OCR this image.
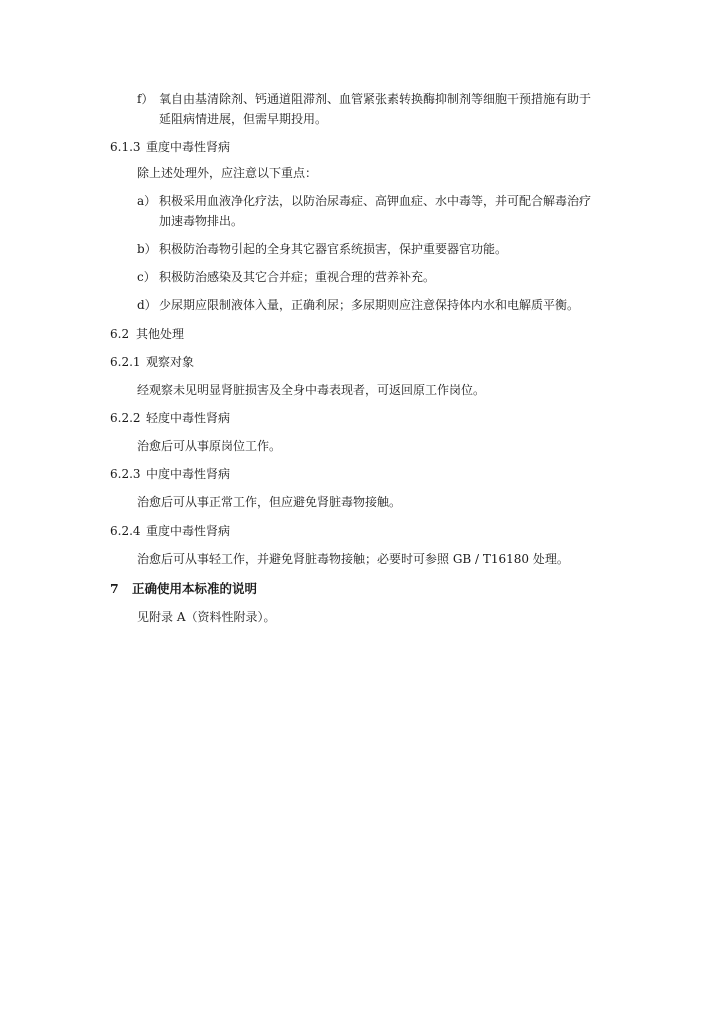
f） 氧自由基清除剂、钙通道阻滞剂、血管紧张素转换酶抑制剂等细胞干预措施有助于
延阻病情进展，但需早期投用。
6.1.3 重度中毒性肾病
除上述处理外，应注意以下重点：
a） 积极采用血液净化疗法，以防治尿毒症、高钾血症、水中毒等，并可配合解毒治疗
加速毒物排出。
b） 积极防治毒物引起的全身其它器官系统损害，保护重要器官功能。
c） 积极防治感染及其它合并症；重视合理的营养补充。
d） 少尿期应限制液体入量，正确利尿；多尿期则应注意保持体内水和电解质平衡。
6.2 其他处理
6.2.1 观察对象
经观察未见明显肾脏损害及全身中毒表现者，可返回原工作岗位。
6.2.2 轻度中毒性肾病
治愈后可从事原岗位工作。
6.2.3 中度中毒性肾病
治愈后可从事正常工作，但应避免肾脏毒物接触。
6.2.4 重度中毒性肾病
治愈后可从事轻工作，并避免肾脏毒物接触；必要时可参照 GB / T16180 处理。
7 正确使用本标准的说明
见附录 A（资料性附录）。
